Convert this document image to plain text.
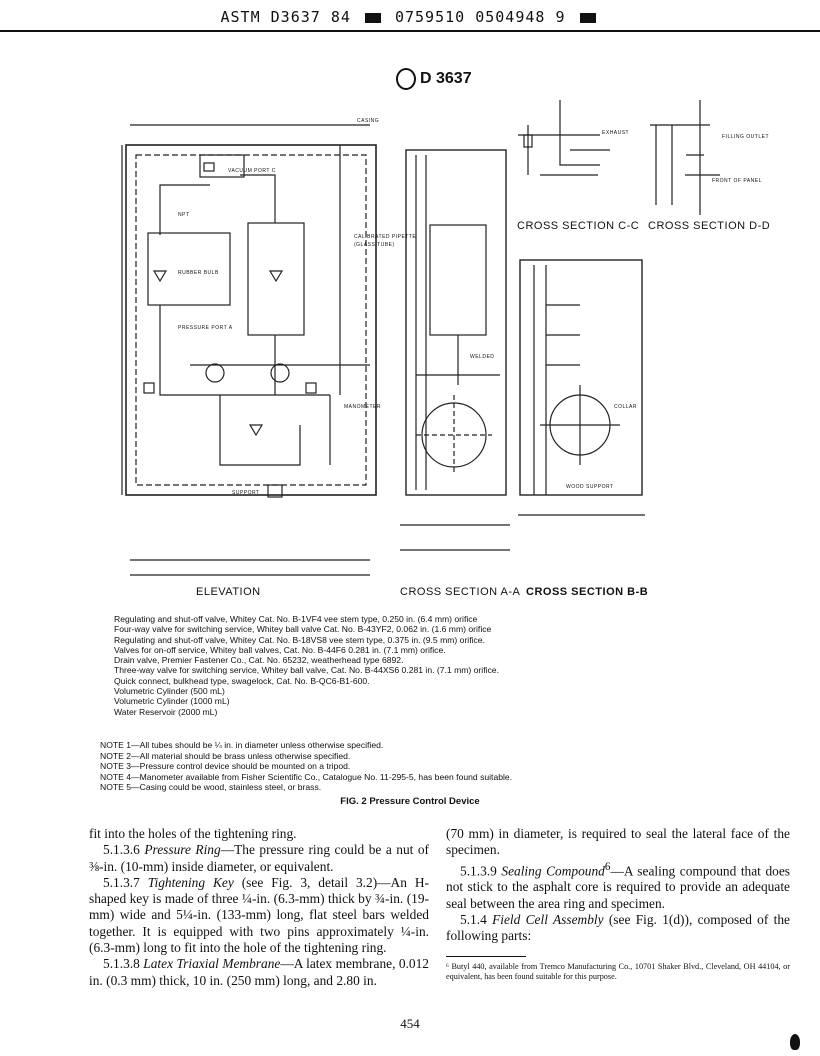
ASTM D3637 84	0759510 0504948 9
D 3637
CASING
VACUUM PORT C
CALIBRATED PIPETTE
(GLASS TUBE)
RUBBER BULB
PRESSURE PORT A
MANOMETER
EXHAUST
FILLING OUTLET
FRONT OF PANEL
WELDED
COLLAR
WOOD SUPPORT
SUPPORT
NPT
ELEVATION	CROSS SECTION A-A CROSS SECTION B-B
CROSS SECTION C-C CROSS SECTION D-D
Regulating and shut-off valve, Whitey Cat. No. B-1VF4 vee stem type, 0.250 in. (6.4 mm) orifice
Four-way valve for switching service, Whitey ball valve Cat. No. B-43YF2, 0.062 in. (1.6 mm) orifice
Regulating and shut-off valve, Whitey Cat. No. B-18VS8 vee stem type, 0.375 in. (9.5 mm) orifice.
Valves for on-off service, Whitey ball valves, Cat. No. B-44F6 0.281 in. (7.1 mm) orifice.
Drain valve, Premier Fastener Co., Cat. No. 65232, weatherhead type 6892.
Three-way valve for switching service, Whitey ball valve, Cat. No. B-44XS6 0.281 in. (7.1 mm) orifice.
Quick connect, bulkhead type, swagelock, Cat. No. B-QC6-B1-600.
Volumetric Cylinder (500 mL)
Volumetric Cylinder (1000 mL)
Water Reservoir (2000 mL)
NOTE 1—All tubes should be ¼ in. in diameter unless otherwise specified.
NOTE 2—All material should be brass unless otherwise specified.
NOTE 3—Pressure control device should be mounted on a tripod.
NOTE 4—Manometer available from Fisher Scientific Co., Catalogue No. 11-295-5, has been found suitable.
NOTE 5—Casing could be wood, stainless steel, or brass.
FIG. 2 Pressure Control Device

fit into the holes of the tightening ring.

5.1.3.6 Pressure Ring—The pressure ring could be a nut of ⅜-in. (10-mm) inside diameter, or equivalent.

5.1.3.7 Tightening Key (see Fig. 3, detail 3.2)—An H-shaped key is made of three ¼-in. (6.3-mm) thick by ¾-in. (19-mm) wide and 5¼-in. (133-mm) long, flat steel bars welded together. It is equipped with two pins approximately ¼-in. (6.3-mm) long to fit into the hole of the tightening ring.

5.1.3.8 Latex Triaxial Membrane—A latex membrane, 0.012 in. (0.3 mm) thick, 10 in. (250 mm) long, and 2.80 in.

(70 mm) in diameter, is required to seal the lateral face of the specimen.

5.1.3.9 Sealing Compound$^6$—A sealing compound that does not stick to the asphalt core is required to provide an adequate seal between the area ring and specimen.

5.1.4 Field Cell Assembly (see Fig. 1(d)), composed of the following parts:

⁶ Butyl 440, available from Tremco Manufacturing Co., 10701 Shaker Blvd., Cleveland, OH 44104, or equivalent, has been found suitable for this purpose.
454
